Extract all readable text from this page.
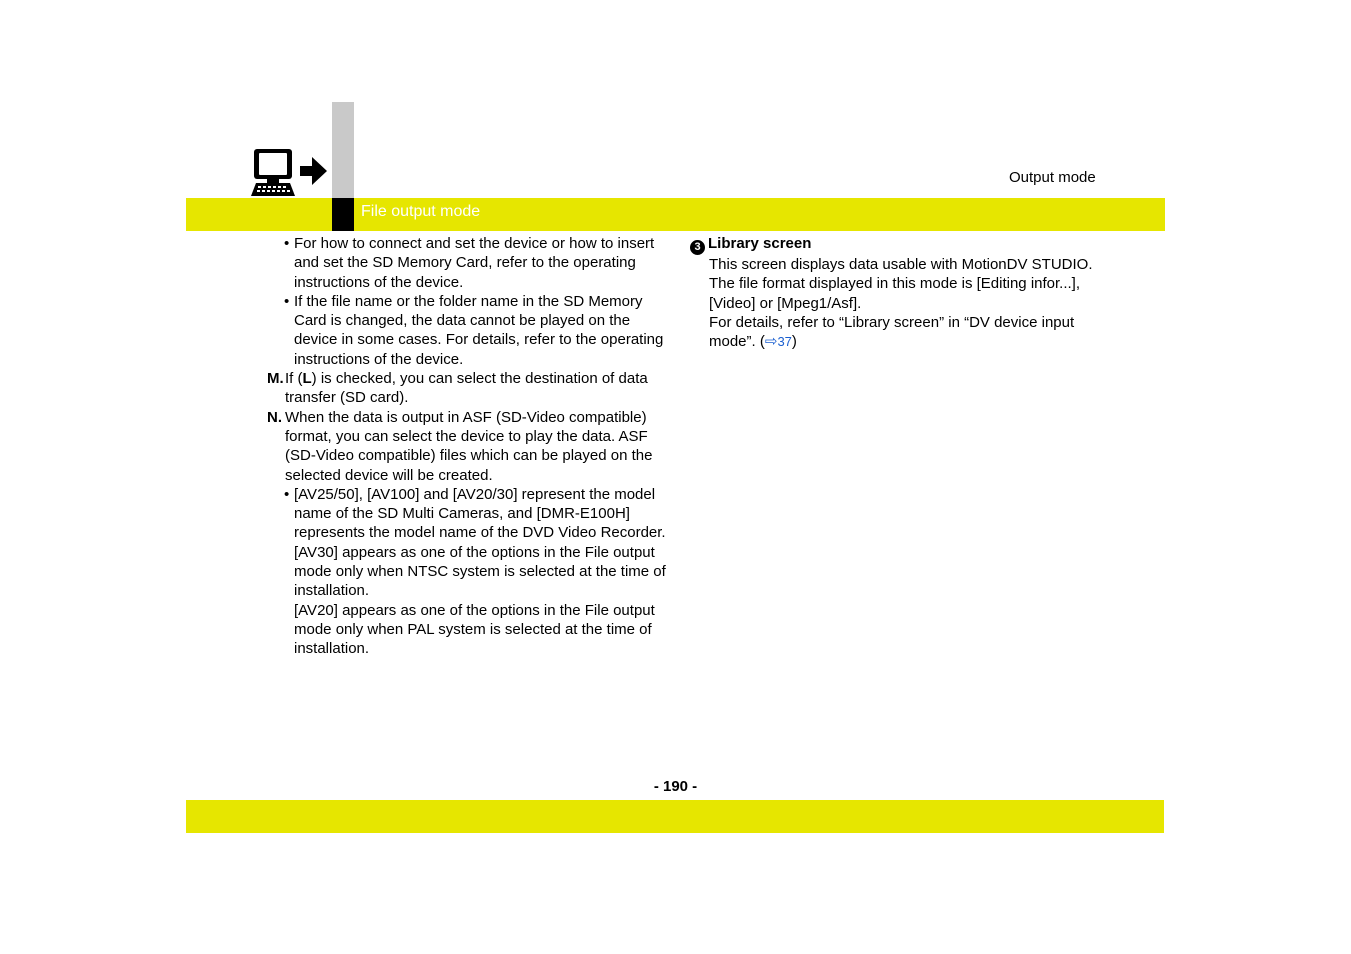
File output mode
Output mode
• For how to connect and set the device or how to insert and set the SD Memory Card, refer to the operating instructions of the device.
• If the file name or the folder name in the SD Memory Card is changed, the data cannot be played on the device in some cases. For details, refer to the operating instructions of the device.
M. If (L) is checked, you can select the destination of data transfer (SD card).
N. When the data is output in ASF (SD-Video compatible) format, you can select the device to play the data. ASF (SD-Video compatible) files which can be played on the selected device will be created.
• [AV25/50], [AV100] and [AV20/30] represent the model name of the SD Multi Cameras, and [DMR-E100H] represents the model name of the DVD Video Recorder.
[AV30] appears as one of the options in the File output mode only when NTSC system is selected at the time of installation.
[AV20] appears as one of the options in the File output mode only when PAL system is selected at the time of installation.
3 Library screen
This screen displays data usable with MotionDV STUDIO.
The file format displayed in this mode is [Editing infor...], [Video] or [Mpeg1/Asf].
For details, refer to “Library screen” in “DV device input mode”. (⇨37)
- 190 -
